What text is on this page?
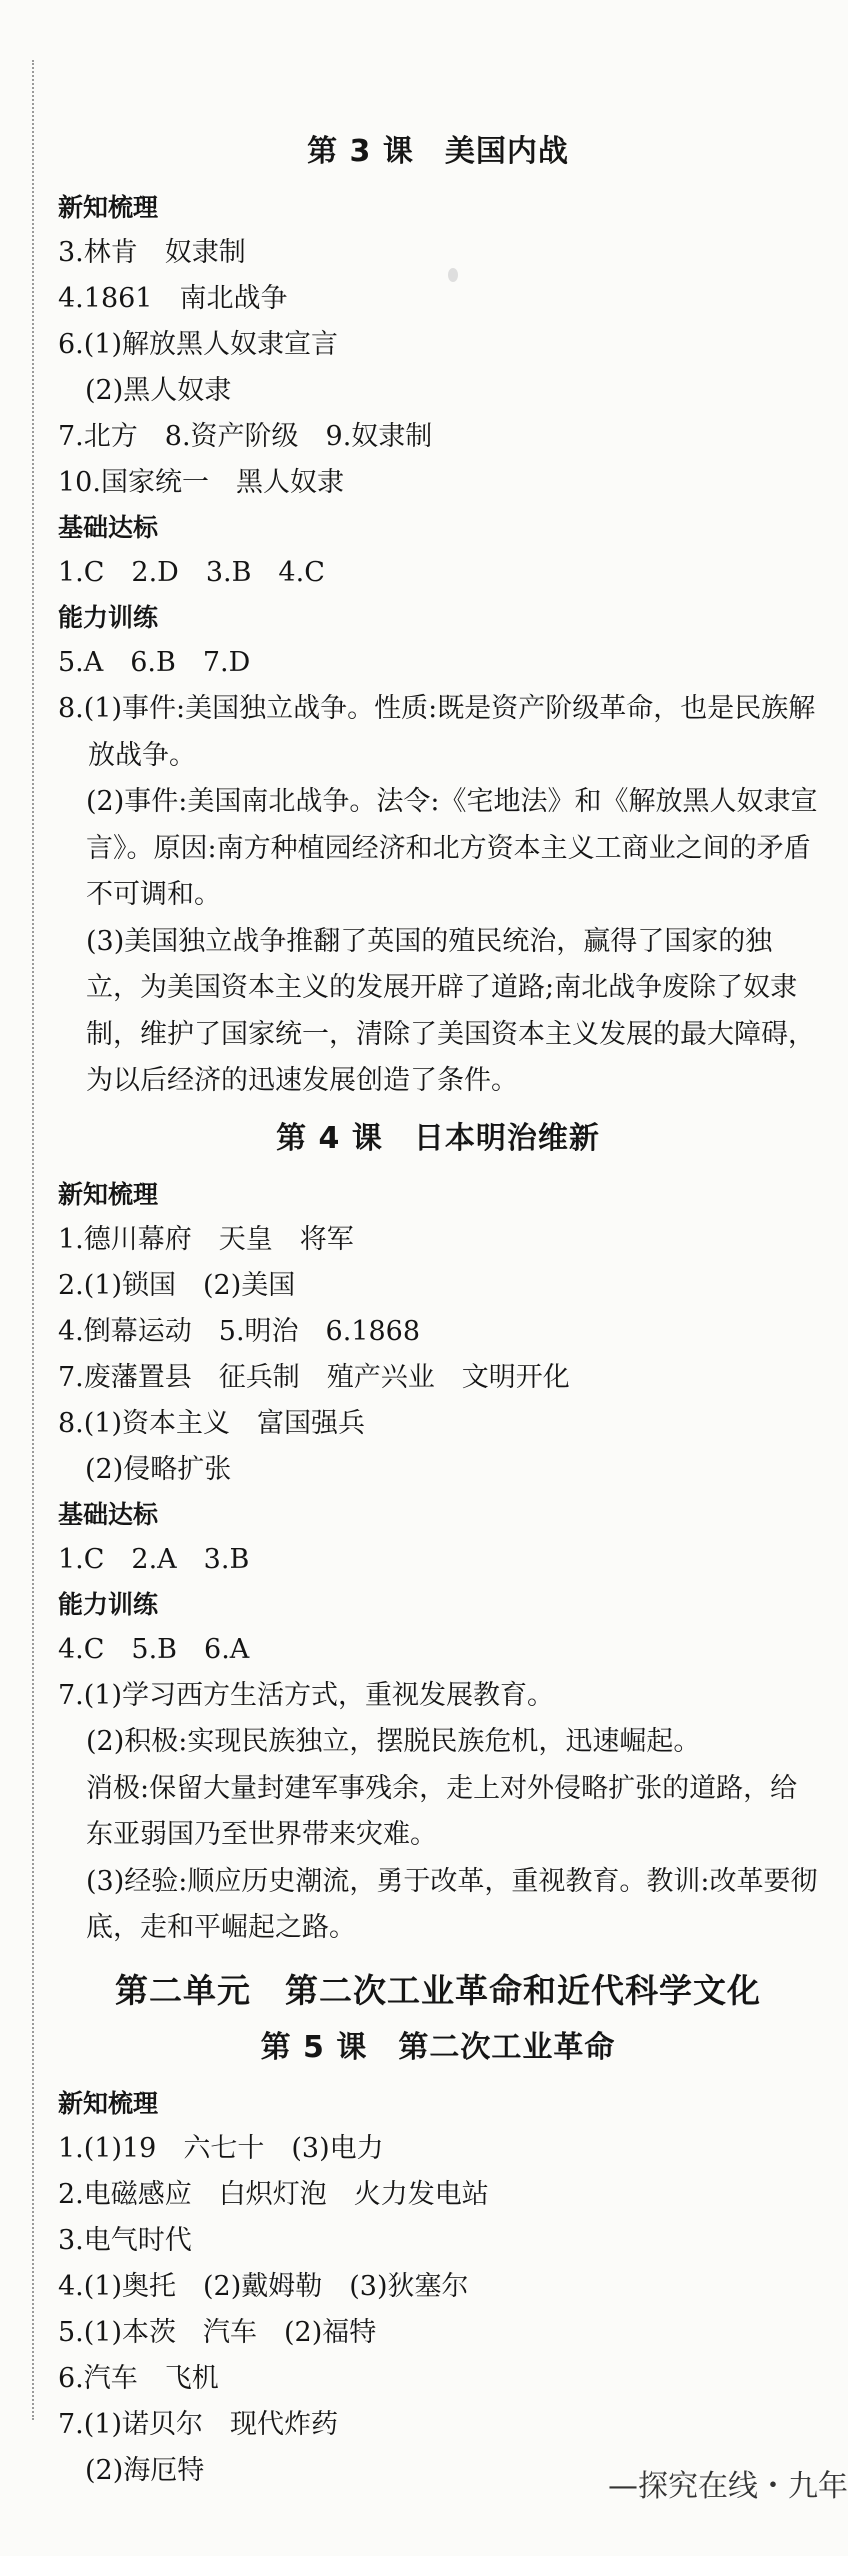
第 3 课　美国内战
新知梳理
3.林肯　奴隶制
4.1861　南北战争
6.(1)解放黑人奴隶宣言
　(2)黑人奴隶
7.北方　8.资产阶级　9.奴隶制
10.国家统一　黑人奴隶
基础达标
1.C　2.D　3.B　4.C
能力训练
5.A　6.B　7.D
8.(1)事件:美国独立战争。性质:既是资产阶级革命，也是民族解放战争。
(2)事件:美国南北战争。法令:《宅地法》和《解放黑人奴隶宣言》。原因:南方种植园经济和北方资本主义工商业之间的矛盾不可调和。
(3)美国独立战争推翻了英国的殖民统治，赢得了国家的独立，为美国资本主义的发展开辟了道路;南北战争废除了奴隶制，维护了国家统一，清除了美国资本主义发展的最大障碍，为以后经济的迅速发展创造了条件。
第 4 课　日本明治维新
新知梳理
1.德川幕府　天皇　将军
2.(1)锁国　(2)美国
4.倒幕运动　5.明治　6.1868
7.废藩置县　征兵制　殖产兴业　文明开化
8.(1)资本主义　富国强兵
　(2)侵略扩张
基础达标
1.C　2.A　3.B
能力训练
4.C　5.B　6.A
7.(1)学习西方生活方式，重视发展教育。
(2)积极:实现民族独立，摆脱民族危机，迅速崛起。
消极:保留大量封建军事残余，走上对外侵略扩张的道路，给东亚弱国乃至世界带来灾难。
(3)经验:顺应历史潮流，勇于改革，重视教育。教训:改革要彻底，走和平崛起之路。
第二单元　第二次工业革命和近代科学文化
第 5 课　第二次工业革命
新知梳理
1.(1)19　六七十　(3)电力
2.电磁感应　白炽灯泡　火力发电站
3.电气时代
4.(1)奥托　(2)戴姆勒　(3)狄塞尔
5.(1)本茨　汽车　(2)福特
6.汽车　飞机
7.(1)诺贝尔　现代炸药
　(2)海厄特	—探究在线・九年
